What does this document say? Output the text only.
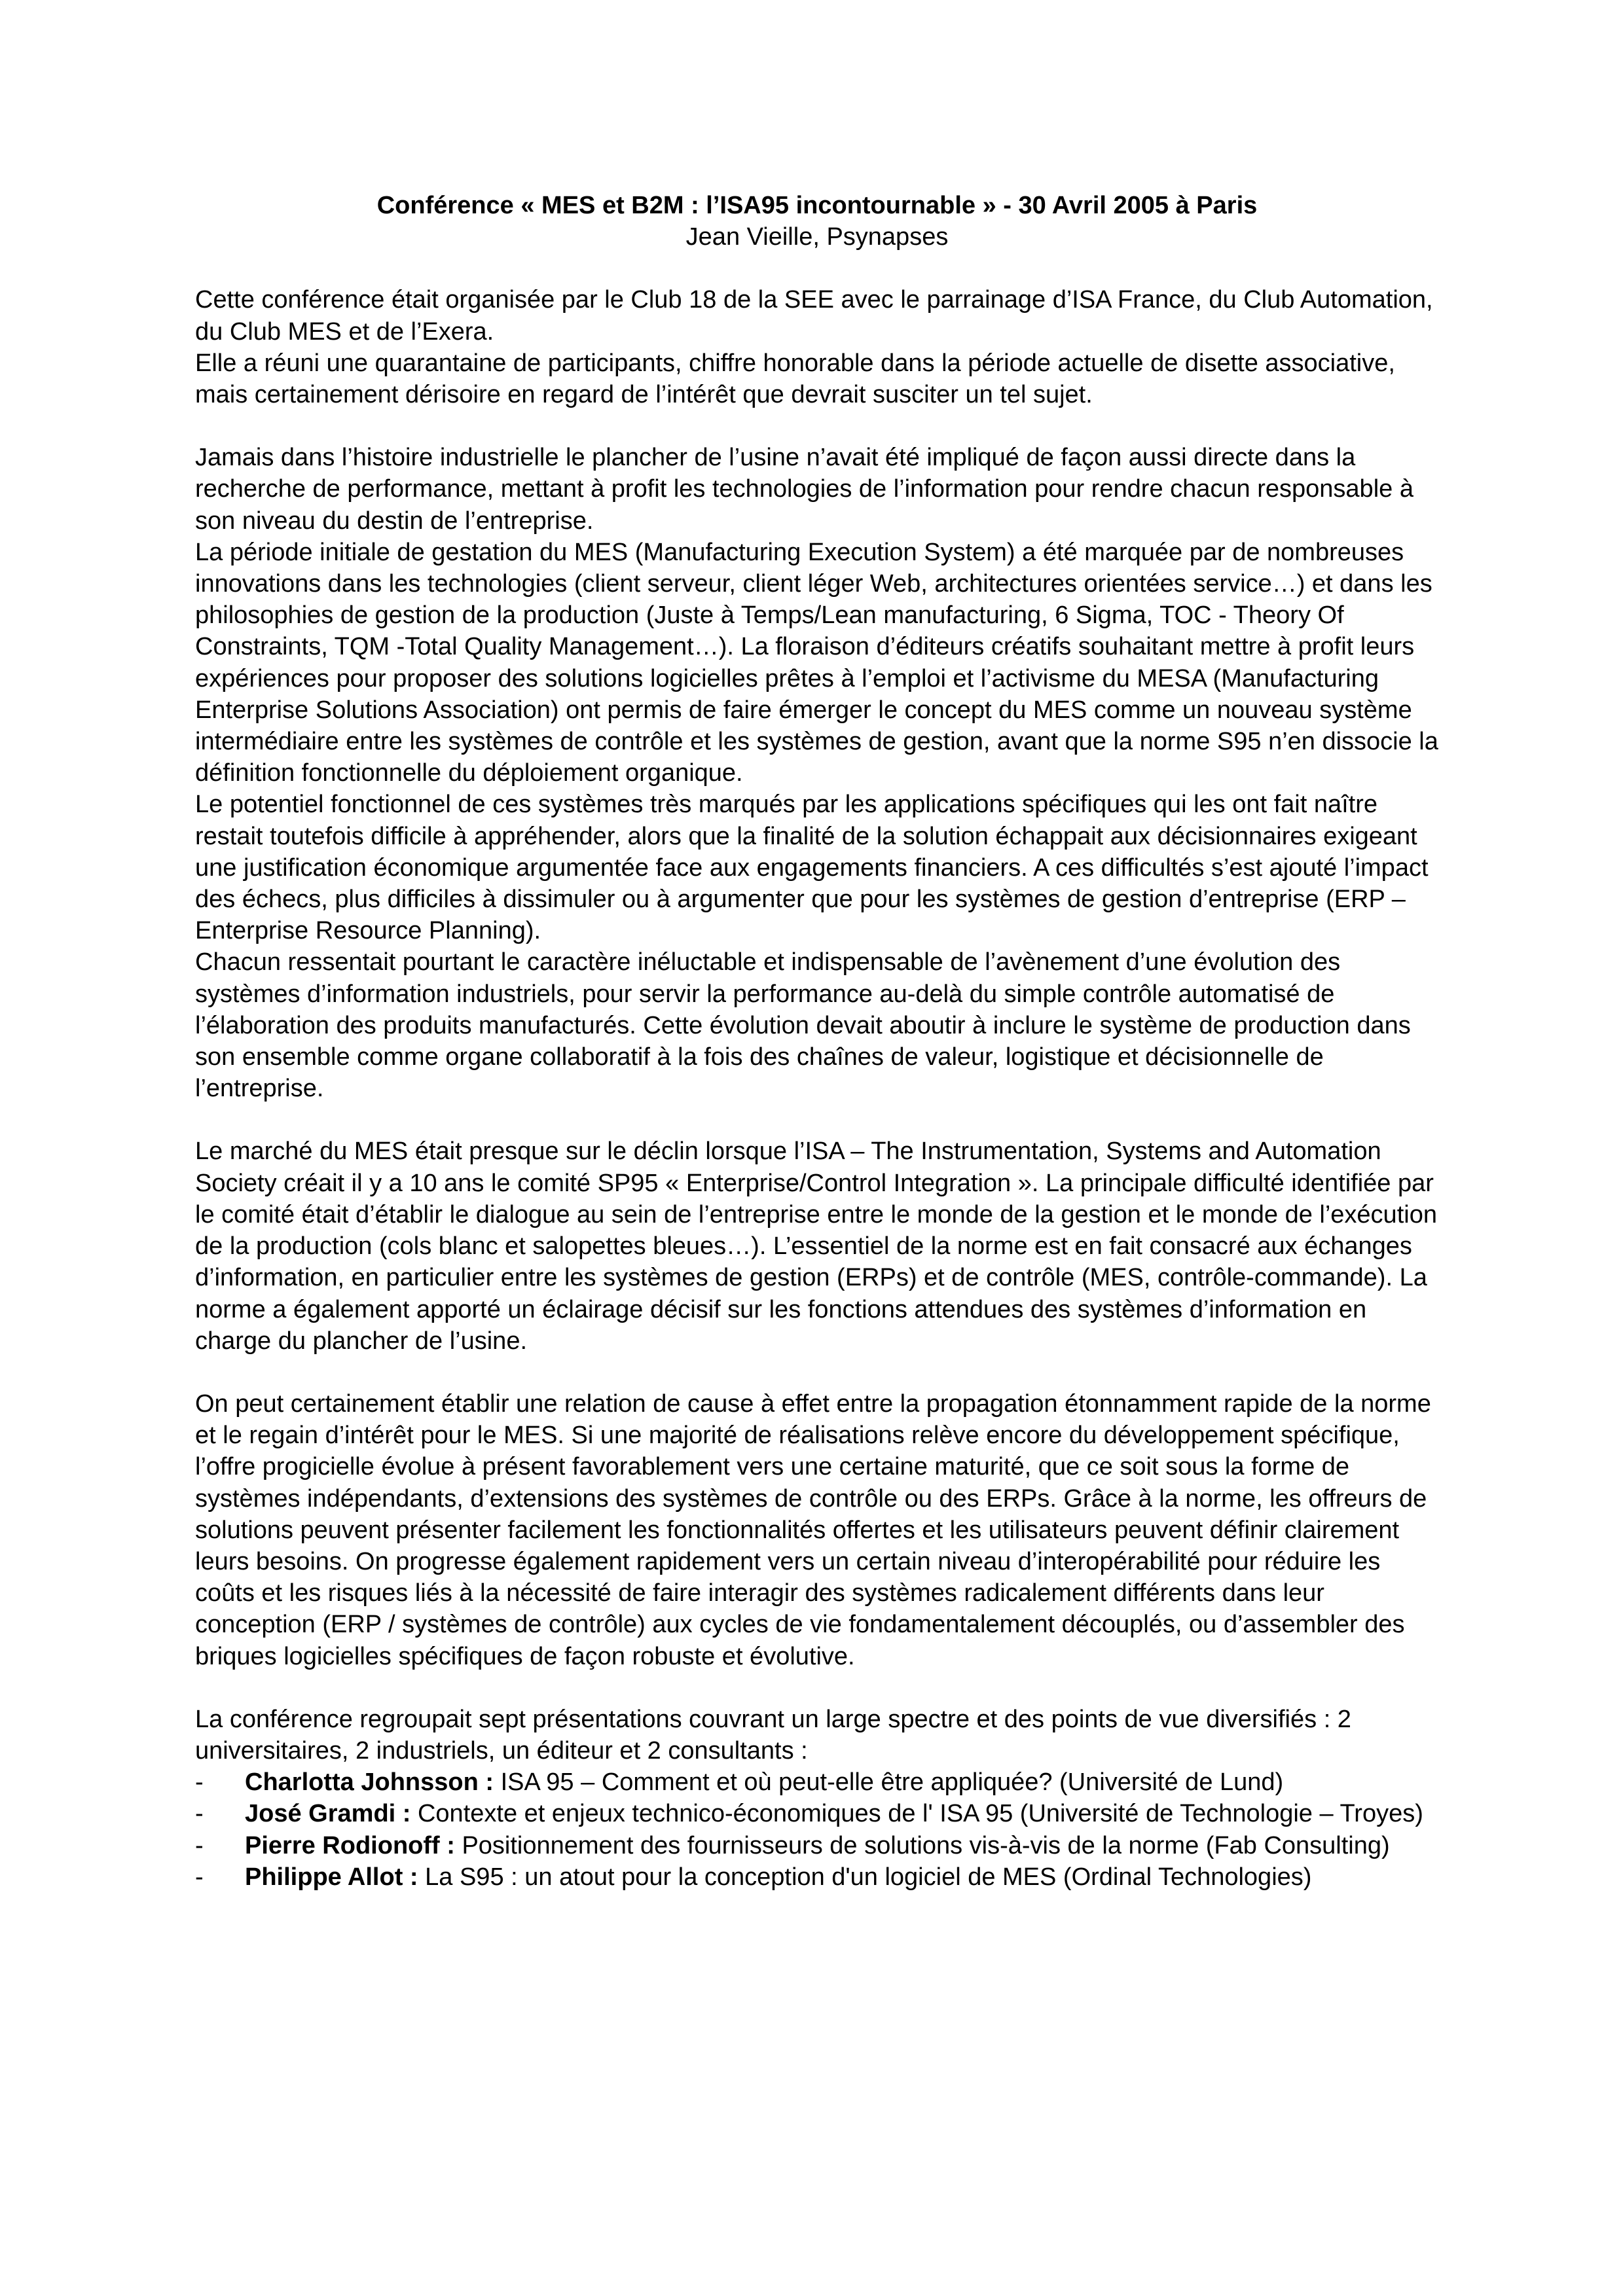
Conférence « MES et B2M : l’ISA95 incontournable » - 30 Avril 2005 à Paris

Jean Vieille, Psynapses

Cette conférence était organisée par le Club 18 de la SEE avec le parrainage d’ISA France, du Club Automation, du Club MES et de l’Exera.

Elle a réuni une quarantaine de participants, chiffre honorable dans la période actuelle de disette associative, mais certainement dérisoire en regard de l’intérêt que devrait susciter un tel sujet.

Jamais dans l’histoire industrielle le plancher de l’usine n’avait été impliqué de façon aussi directe dans la recherche de performance, mettant à profit les technologies de l’information pour rendre chacun responsable à son niveau du destin de l’entreprise.

La période initiale de gestation du MES (Manufacturing Execution System) a été marquée par de nombreuses innovations dans les technologies (client serveur, client léger Web, architectures orientées service…) et dans les philosophies de gestion de la production (Juste à Temps/Lean manufacturing, 6 Sigma, TOC - Theory Of Constraints, TQM -Total Quality Management…). La floraison d’éditeurs créatifs souhaitant mettre à profit leurs expériences pour proposer des solutions logicielles prêtes à l’emploi et l’activisme du MESA (Manufacturing Enterprise Solutions Association) ont permis de faire émerger le concept du MES comme un nouveau système intermédiaire entre les systèmes de contrôle et les systèmes de gestion, avant que la norme S95 n’en dissocie la définition fonctionnelle du déploiement organique.

Le potentiel fonctionnel de ces systèmes très marqués par les applications spécifiques qui les ont fait naître restait toutefois difficile à appréhender, alors que la finalité de la solution échappait aux décisionnaires exigeant une justification économique argumentée face aux engagements financiers. A ces difficultés s’est ajouté l’impact des échecs, plus difficiles à dissimuler ou à argumenter que pour les systèmes de gestion d’entreprise (ERP – Enterprise Resource Planning).

Chacun ressentait pourtant le caractère inéluctable et indispensable de l’avènement d’une évolution des systèmes d’information industriels, pour servir la performance au-delà du simple contrôle automatisé de l’élaboration des produits manufacturés. Cette évolution devait aboutir à inclure le système de production dans son ensemble comme organe collaboratif à la fois des chaînes de valeur, logistique et décisionnelle de l’entreprise.

Le marché du MES était presque sur le déclin lorsque l’ISA – The Instrumentation, Systems and Automation Society créait il y a 10 ans le comité SP95 « Enterprise/Control Integration ». La principale difficulté identifiée par le comité était d’établir le dialogue au sein de l’entreprise entre le monde de la gestion et le monde de l’exécution de la production (cols blanc et salopettes bleues…). L’essentiel de la norme est en fait consacré aux échanges d’information, en particulier entre les systèmes de gestion (ERPs) et de contrôle (MES, contrôle-commande). La norme a également apporté un éclairage décisif sur les fonctions attendues des systèmes d’information en charge du plancher de l’usine.

On peut certainement établir une relation de cause à effet entre la propagation étonnamment rapide de la norme et le regain d’intérêt pour le MES. Si une majorité de réalisations relève encore du développement spécifique, l’offre progicielle évolue à présent favorablement vers une certaine maturité, que ce soit sous la forme de systèmes indépendants, d’extensions des systèmes de contrôle ou des ERPs. Grâce à la norme, les offreurs de solutions peuvent présenter facilement les fonctionnalités offertes et les utilisateurs peuvent définir clairement leurs besoins. On progresse également rapidement vers un certain niveau d’interopérabilité pour réduire les coûts et les risques liés à la nécessité de faire interagir des systèmes radicalement différents dans leur conception (ERP / systèmes de contrôle) aux cycles de vie fondamentalement découplés, ou d’assembler des briques logicielles spécifiques de façon robuste et évolutive.

La conférence regroupait sept présentations couvrant un large spectre et des points de vue diversifiés : 2 universitaires, 2 industriels, un éditeur et 2 consultants :

- Charlotta Johnsson : ISA 95 – Comment et où peut-elle être appliquée? (Université de Lund)
- José Gramdi : Contexte et enjeux technico-économiques de l' ISA 95 (Université de Technologie – Troyes)
- Pierre Rodionoff : Positionnement des fournisseurs de solutions vis-à-vis de la norme (Fab Consulting)
- Philippe Allot : La S95 : un atout pour la conception d'un logiciel de MES (Ordinal Technologies)
